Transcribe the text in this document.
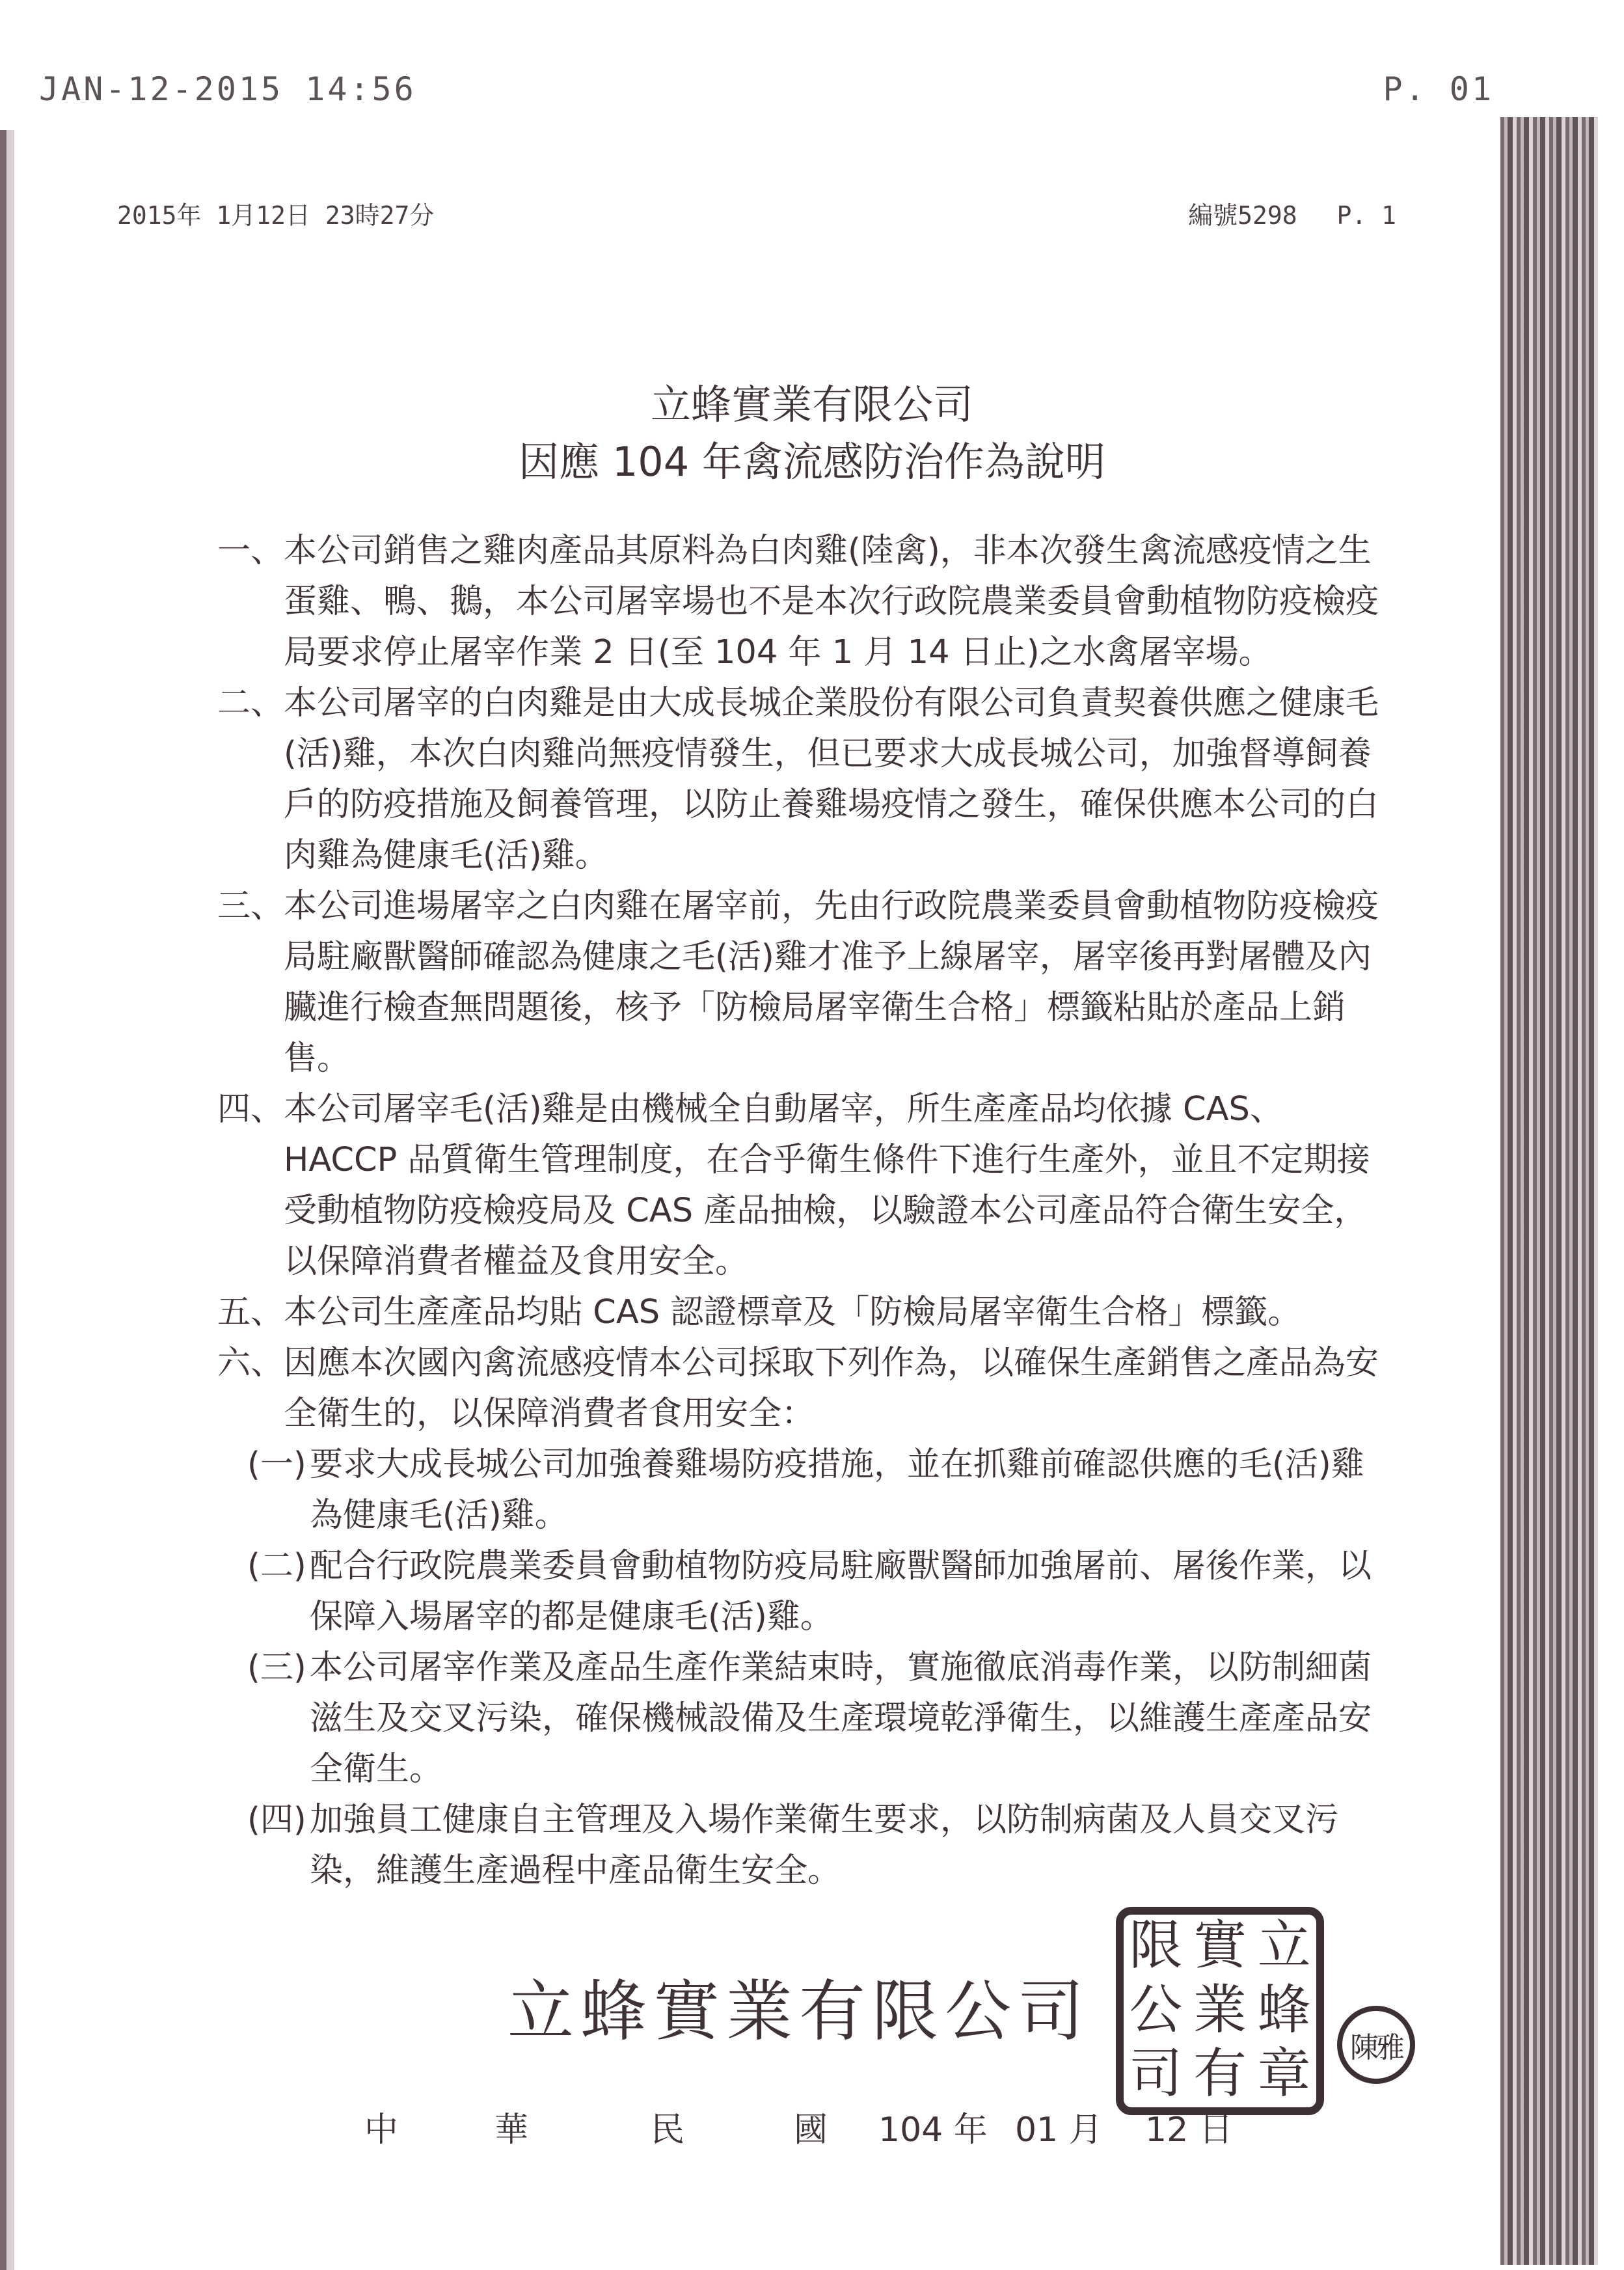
JAN-12-2015 14:56	P. 01
2015年 1月12日 23時27分	編號5298　 P. 1
立蜂實業有限公司
因應 104 年禽流感防治作為說明
一、 本公司銷售之雞肉產品其原料為白肉雞(陸禽)，非本次發生禽流感疫情之生蛋雞、鴨、鵝，本公司屠宰場也不是本次行政院農業委員會動植物防疫檢疫局要求停止屠宰作業 2 日(至 104 年 1 月 14 日止)之水禽屠宰場。
二、 本公司屠宰的白肉雞是由大成長城企業股份有限公司負責契養供應之健康毛(活)雞，本次白肉雞尚無疫情發生，但已要求大成長城公司，加強督導飼養戶的防疫措施及飼養管理，以防止養雞場疫情之發生，確保供應本公司的白肉雞為健康毛(活)雞。
三、 本公司進場屠宰之白肉雞在屠宰前，先由行政院農業委員會動植物防疫檢疫局駐廠獸醫師確認為健康之毛(活)雞才准予上線屠宰，屠宰後再對屠體及內臟進行檢查無問題後，核予「防檢局屠宰衛生合格」標籤粘貼於產品上銷售。
四、 本公司屠宰毛(活)雞是由機械全自動屠宰，所生產產品均依據 CAS、HACCP 品質衛生管理制度，在合乎衛生條件下進行生產外，並且不定期接受動植物防疫檢疫局及 CAS 產品抽檢，以驗證本公司產品符合衛生安全，以保障消費者權益及食用安全。
五、 本公司生產產品均貼 CAS 認證標章及「防檢局屠宰衛生合格」標籤。
六、 因應本次國內禽流感疫情本公司採取下列作為，以確保生產銷售之產品為安全衛生的，以保障消費者食用安全：
(一) 要求大成長城公司加強養雞場防疫措施，並在抓雞前確認供應的毛(活)雞為健康毛(活)雞。
(二) 配合行政院農業委員會動植物防疫局駐廠獸醫師加強屠前、屠後作業，以保障入場屠宰的都是健康毛(活)雞。
(三) 本公司屠宰作業及產品生產作業結束時，實施徹底消毒作業，以防制細菌滋生及交叉污染，確保機械設備及生產環境乾淨衛生，以維護生產產品安全衛生。
(四) 加強員工健康自主管理及入場作業衛生要求，以防制病菌及人員交叉污染，維護生產過程中產品衛生安全。
立蜂實業有限公司
限 實 立
公 業 蜂
司 有 章	陳雅
中	華	民	國 104 年 01 月 12 日
